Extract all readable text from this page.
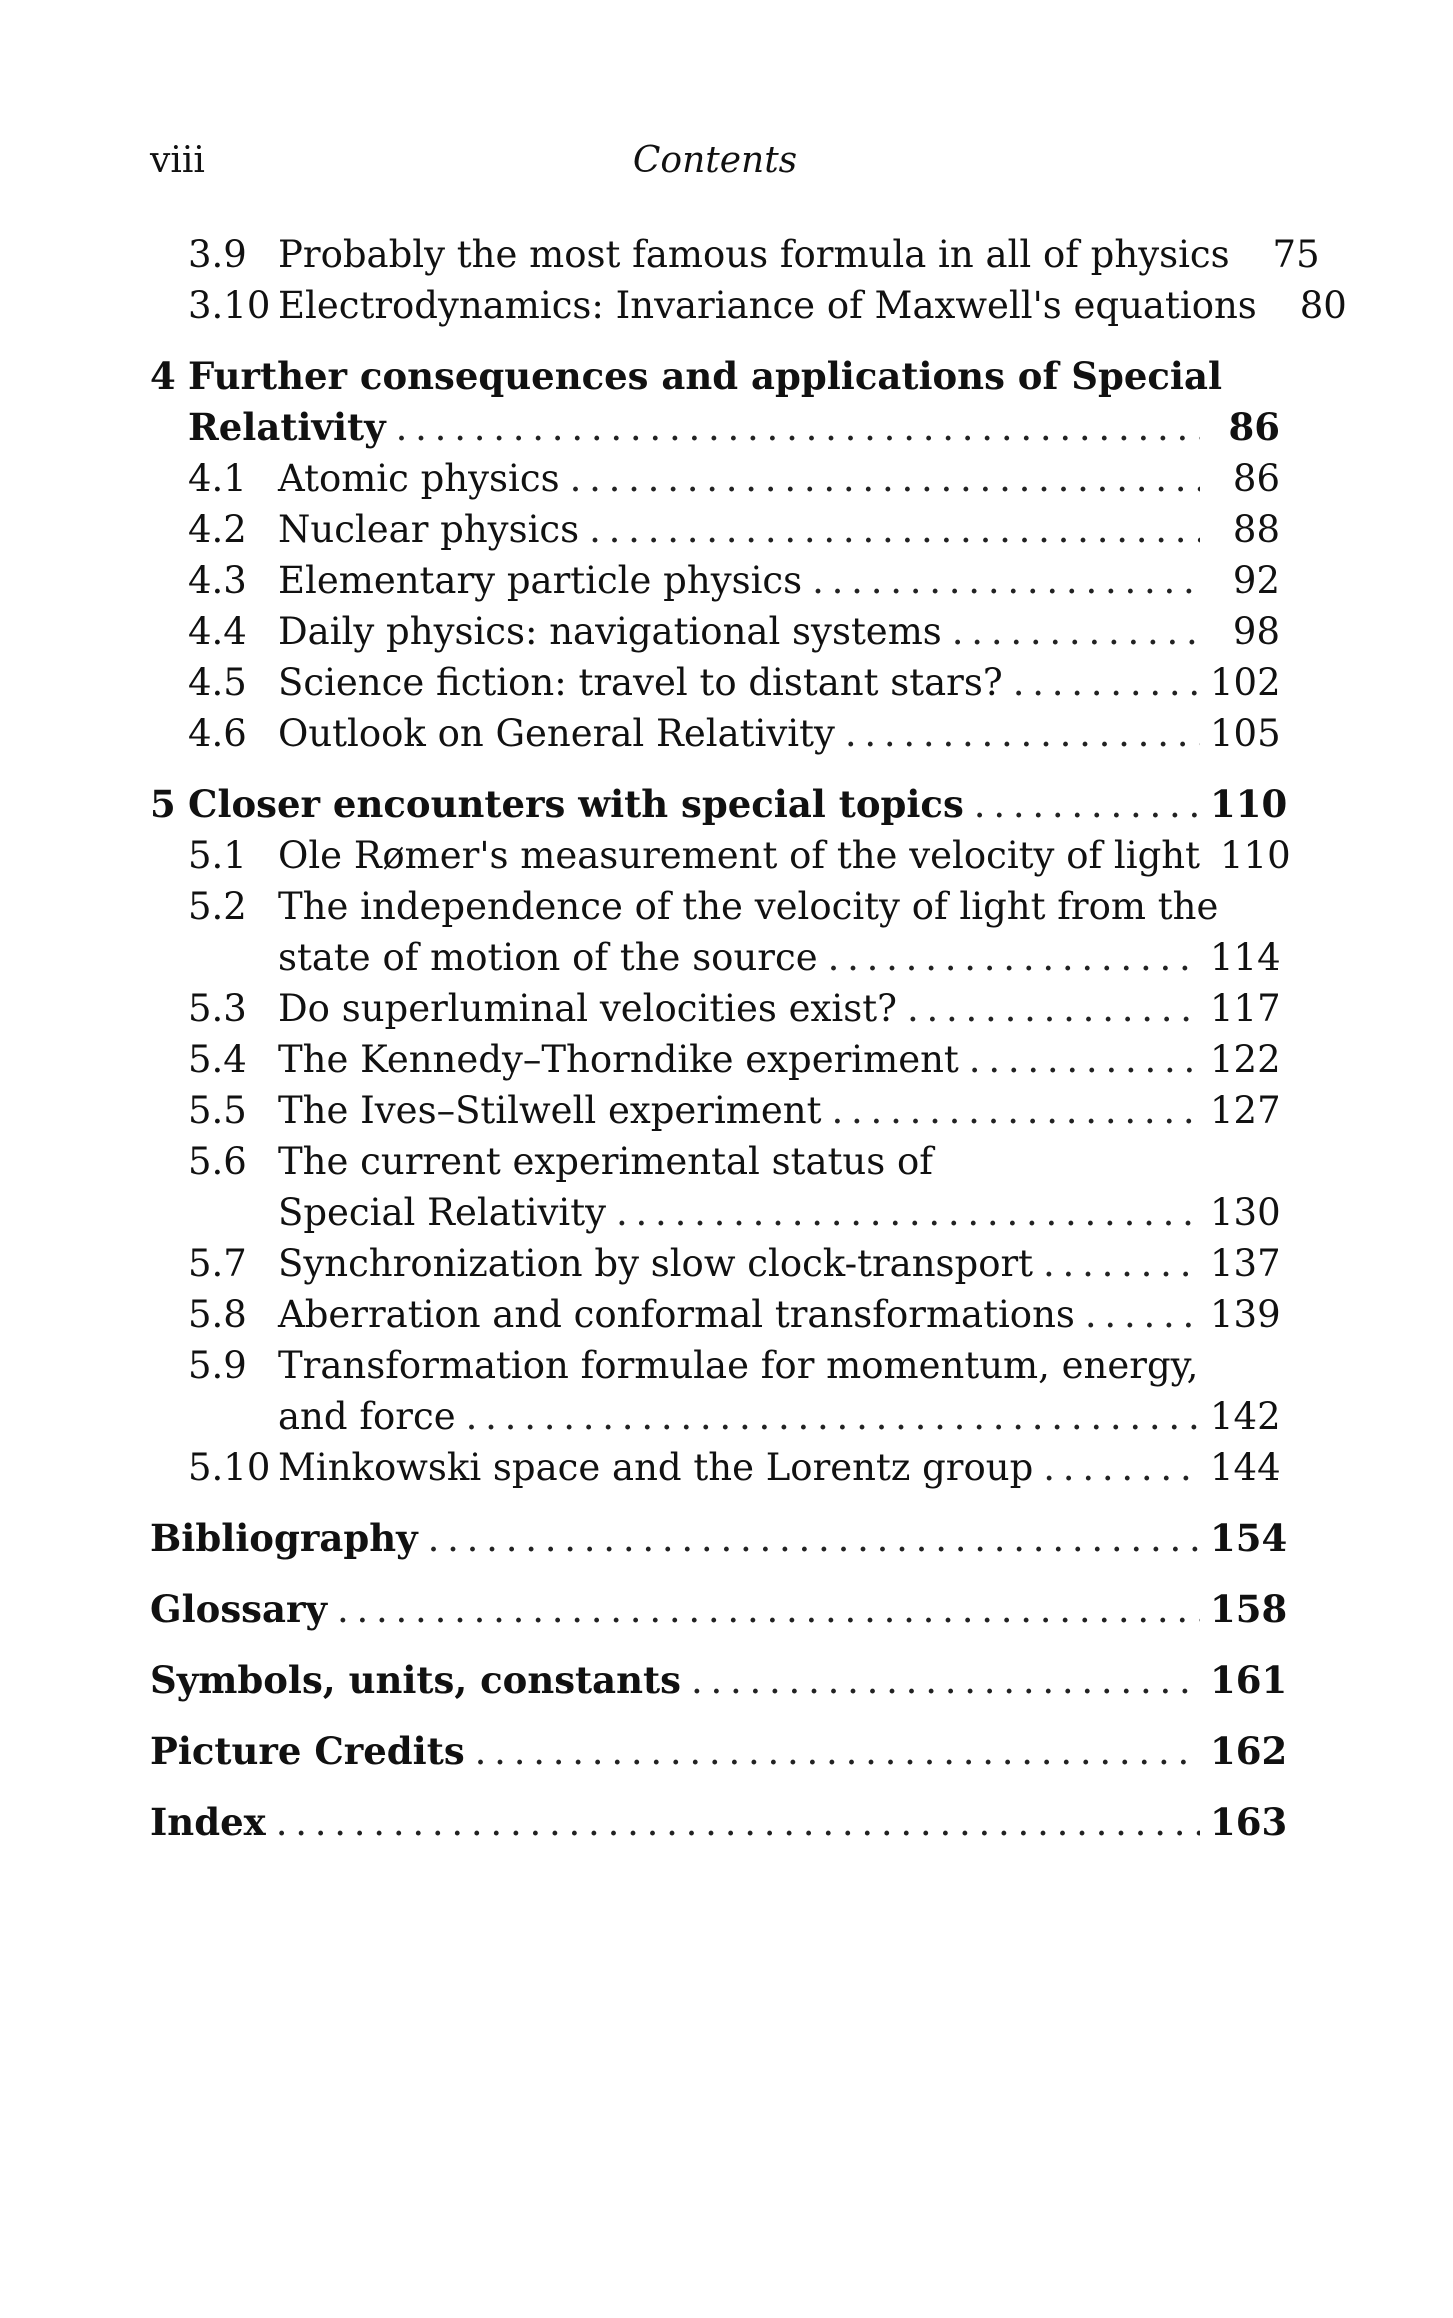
viii	Contents
3.9 Probably the most famous formula in all of physics	75
3.10 Electrodynamics: Invariance of Maxwell's equations	80
4 Further consequences and applications of Special
Relativity . . .	86
4.1 Atomic physics . . .	86
4.2 Nuclear physics . . .	88
4.3 Elementary particle physics . . .	92
4.4 Daily physics: navigational systems . . .	98
4.5 Science fiction: travel to distant stars? . . .	102
4.6 Outlook on General Relativity . . .	105
5 Closer encounters with special topics . . .	110
5.1 Ole Rømer's measurement of the velocity of light 110
5.2 The independence of the velocity of light from the
state of motion of the source . . .	114
5.3 Do superluminal velocities exist? . . .	117
5.4 The Kennedy–Thorndike experiment . . .	122
5.5 The Ives–Stilwell experiment . . .	127
5.6 The current experimental status of
Special Relativity . . .	130
5.7 Synchronization by slow clock-transport . . .	137
5.8 Aberration and conformal transformations . . .	139
5.9 Transformation formulae for momentum, energy,
and force . . .	142
5.10 Minkowski space and the Lorentz group . . .	144
Bibliography . . .	154
Glossary . . .	158
Symbols, units, constants . . .	161
Picture Credits . . .	162
Index . . .	163
